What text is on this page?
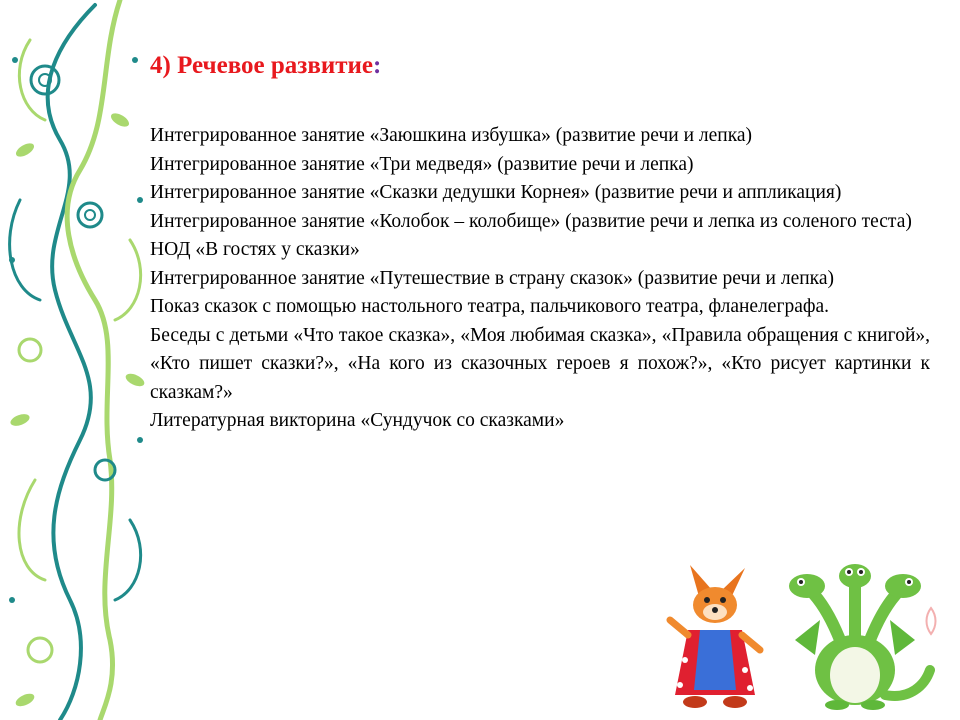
4) Речевое развитие:

Интегрированное занятие «Заюшкина избушка» (развитие речи и лепка)

Интегрированное занятие «Три медведя» (развитие речи и лепка)

Интегрированное занятие «Сказки дедушки Корнея» (развитие речи и аппликация)

Интегрированное занятие «Колобок – колобище» (развитие речи и лепка из соленого теста)

НОД «В гостях у сказки»

Интегрированное занятие «Путешествие в страну сказок» (развитие речи и лепка)

Показ сказок с помощью настольного театра, пальчикового театра, фланелеграфа.

Беседы с детьми «Что такое сказка», «Моя любимая сказка», «Правила обращения с книгой», «Кто пишет сказки?», «На кого из сказочных героев я похож?», «Кто рисует картинки к сказкам?»

Литературная викторина «Сундучок со сказками»
